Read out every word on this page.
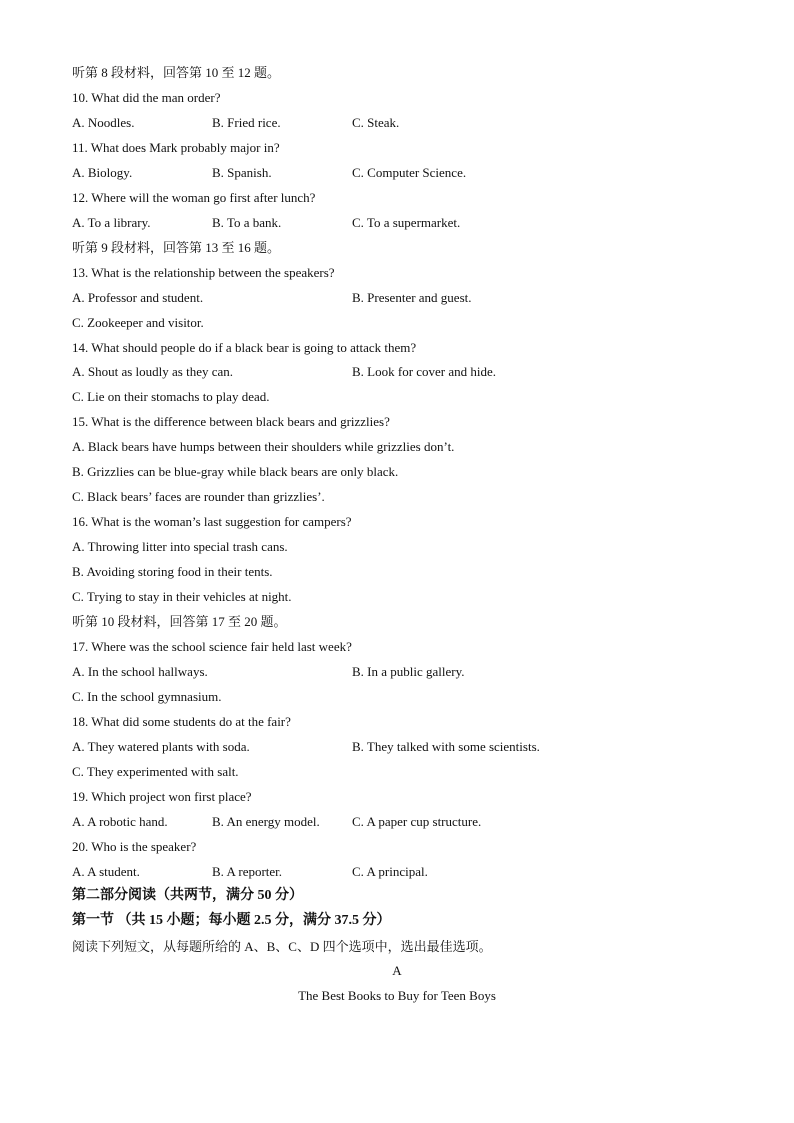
听第 8 段材料，回答第 10 至 12 题。
10. What did the man order?
A. Noodles.	B. Fried rice.	C. Steak.
11. What does Mark probably major in?
A. Biology.	B. Spanish.	C. Computer Science.
12. Where will the woman go first after lunch?
A. To a library.	B. To a bank.	C. To a supermarket.
听第 9 段材料，回答第 13 至 16 题。
13. What is the relationship between the speakers?
A. Professor and student.	B. Presenter and guest.
C. Zookeeper and visitor.
14. What should people do if a black bear is going to attack them?
A. Shout as loudly as they can.	B. Look for cover and hide.
C. Lie on their stomachs to play dead.
15. What is the difference between black bears and grizzlies?
A. Black bears have humps between their shoulders while grizzlies don’t.
B. Grizzlies can be blue-gray while black bears are only black.
C. Black bears’ faces are rounder than grizzlies’.
16. What is the woman’s last suggestion for campers?
A. Throwing litter into special trash cans.
B. Avoiding storing food in their tents.
C. Trying to stay in their vehicles at night.
听第 10 段材料，回答第 17 至 20 题。
17. Where was the school science fair held last week?
A. In the school hallways.	B. In a public gallery.
C. In the school gymnasium.
18. What did some students do at the fair?
A. They watered plants with soda.	B. They talked with some scientists.
C. They experimented with salt.
19. Which project won first place?
A. A robotic hand.	B. An energy model. C. A paper cup structure.
20. Who is the speaker?
A. A student.	B. A reporter.	C. A principal.
第二部分阅读（共两节，满分 50 分）
第一节 （共 15 小题；每小题 2.5 分，满分 37.5 分）
阅读下列短文，从每题所给的 A、B、C、D 四个选项中，选出最佳选项。
A
The Best Books to Buy for Teen Boys
